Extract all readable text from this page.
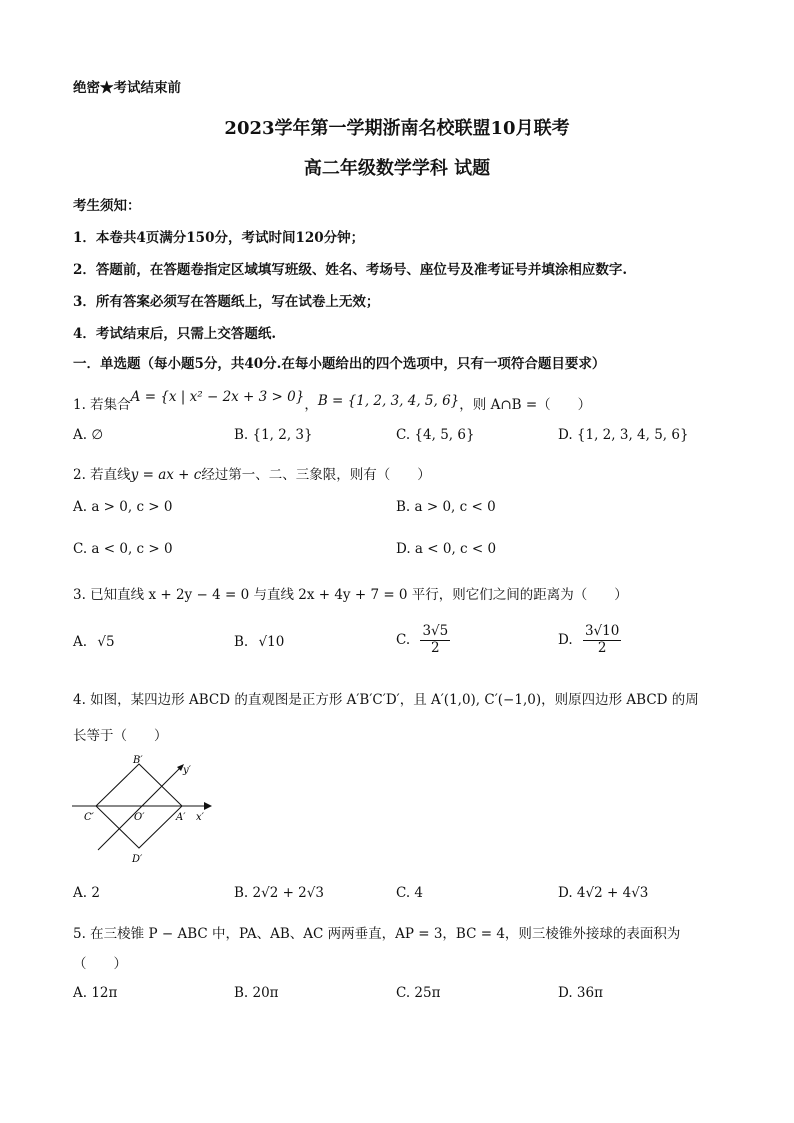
绝密★考试结束前
2023学年第一学期浙南名校联盟10月联考
高二年级数学学科 试题
考生须知：
1．本卷共4页满分150分，考试时间120分钟；
2．答题前，在答题卷指定区域填写班级、姓名、考场号、座位号及准考证号并填涂相应数字.
3．所有答案必须写在答题纸上，写在试卷上无效；
4．考试结束后，只需上交答题纸.
一．单选题（每小题5分，共40分.在每小题给出的四个选项中，只有一项符合题目要求）
1. 若集合A = {x | x² − 2x + 3 > 0}，B = {1, 2, 3, 4, 5, 6}，则 A∩B =（　　）
A. ∅	B. {1, 2, 3}	C. {4, 5, 6}	D. {1, 2, 3, 4, 5, 6}
2. 若直线y = ax + c经过第一、二、三象限，则有（　　）
A. a > 0, c > 0	B. a > 0, c < 0
C. a < 0, c > 0	D. a < 0, c < 0
3. 已知直线 x + 2y − 4 = 0 与直线 2x + 4y + 7 = 0 平行，则它们之间的距离为（　　）
A. √5	B. √10	C. $\frac{3√5}{2}$	D. $\frac{3√10}{2}$
4. 如图，某四边形 ABCD 的直观图是正方形 A′B′C′D′，且 A′(1,0), C′(−1,0)，则原四边形 ABCD 的周
长等于（　　）
B′
y′
C′	O′	A′ x′
D′
A. 2	B. 2√2 + 2√3	C. 4	D. 4√2 + 4√3
5. 在三棱锥 P − ABC 中，PA、AB、AC 两两垂直，AP = 3，BC = 4，则三棱锥外接球的表面积为
（　　）
A. 12π	B. 20π	C. 25π	D. 36π
